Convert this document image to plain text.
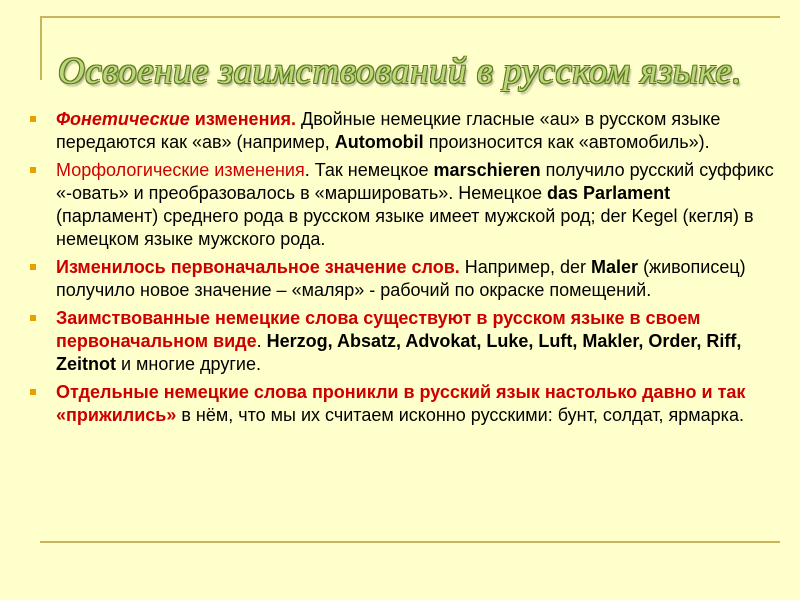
Освоение заимствований в русском языке.
Фонетические изменения. Двойные немецкие гласные «au» в русском языке передаются как «ав» (например, Automobil произносится как «автомобиль»).
Морфологические изменения. Так немецкое marschieren получило русский суффикс «-овать» и преобразовалось в «маршировать». Немецкое das Parlament (парламент) среднего рода в русском языке имеет мужской род; der Kegel (кегля) в немецком языке мужского рода.
Изменилось первоначальное значение слов. Например, der Maler (живописец) получило новое значение – «маляр» - рабочий по окраске помещений.
Заимствованные немецкие слова существуют в русском языке в своем первоначальном виде. Herzog, Absatz, Advokat, Luke, Luft, Makler, Order, Riff, Zeitnot и многие другие.
Отдельные немецкие слова проникли в русский язык настолько давно и так «прижились» в нём, что мы их считаем исконно русскими: бунт, солдат, ярмарка.
